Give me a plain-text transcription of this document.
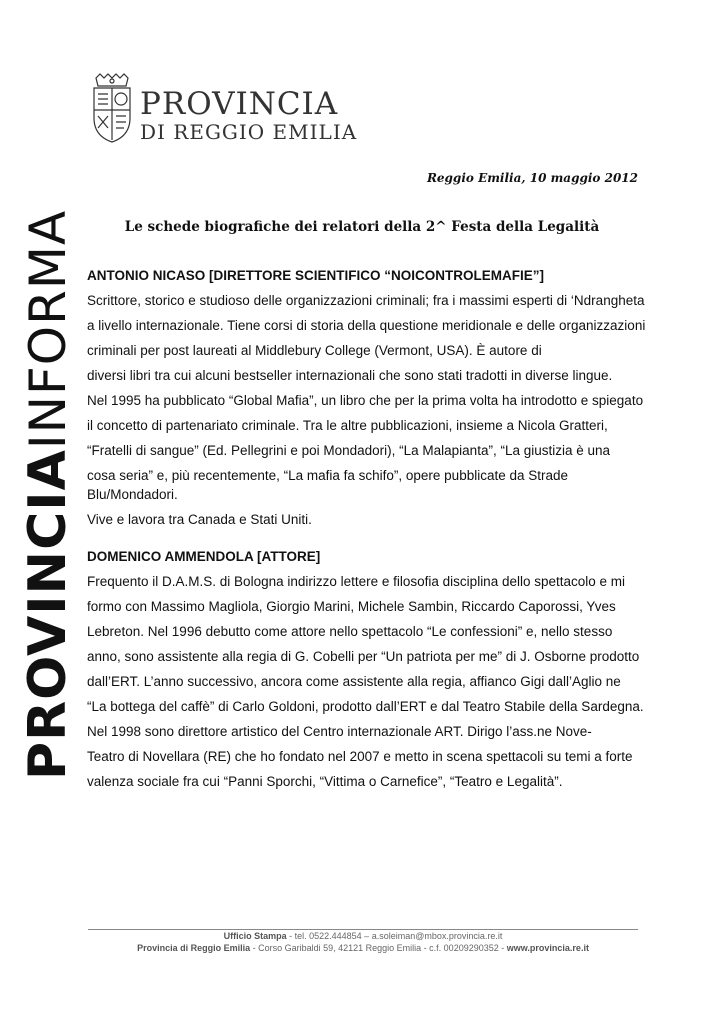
PROVINCIA
DI REGGIO EMILIA
PROVINCIAINFORMA
Reggio Emilia, 10 maggio 2012
Le schede biografiche dei relatori della 2^ Festa della Legalità
ANTONIO NICASO [DIRETTORE SCIENTIFICO “NOICONTROLEMAFIE”]

Scrittore, storico e studioso delle organizzazioni criminali; fra i massimi esperti di ‘Ndrangheta

a livello internazionale. Tiene corsi di storia della questione meridionale e delle organizzazioni

criminali per post laureati al Middlebury College (Vermont, USA). È autore di

diversi libri tra cui alcuni bestseller internazionali che sono stati tradotti in diverse lingue.

Nel 1995 ha pubblicato “Global Mafia”, un libro che per la prima volta ha introdotto e spiegato

il concetto di partenariato criminale. Tra le altre pubblicazioni, insieme a Nicola Gratteri,

“Fratelli di sangue” (Ed. Pellegrini e poi Mondadori), “La Malapianta”, “La giustizia è una

cosa seria” e, più recentemente, “La mafia fa schifo”, opere pubblicate da Strade Blu/Mondadori.

Vive e lavora tra Canada e Stati Uniti.

DOMENICO AMMENDOLA [ATTORE]

Frequento il D.A.M.S. di Bologna indirizzo lettere e filosofia disciplina dello spettacolo e mi

formo con Massimo Magliola, Giorgio Marini, Michele Sambin, Riccardo Caporossi, Yves

Lebreton. Nel 1996 debutto come attore nello spettacolo “Le confessioni” e, nello stesso

anno, sono assistente alla regia di G. Cobelli per “Un patriota per me” di J. Osborne prodotto

dall’ERT. L’anno successivo, ancora come assistente alla regia, affianco Gigi dall’Aglio ne

“La bottega del caffè” di Carlo Goldoni, prodotto dall’ERT e dal Teatro Stabile della Sardegna.

Nel 1998 sono direttore artistico del Centro internazionale ART. Dirigo l’ass.ne Nove-

Teatro di Novellara (RE) che ho fondato nel 2007 e metto in scena spettacoli su temi a forte

valenza sociale fra cui “Panni Sporchi, “Vittima o Carnefice”, “Teatro e Legalità”.

Ufficio Stampa - tel. 0522.444854 – a.soleiman@mbox.provincia.re.it
Provincia di Reggio Emilia - Corso Garibaldi 59, 42121 Reggio Emilia - c.f. 00209290352 - www.provincia.re.it
